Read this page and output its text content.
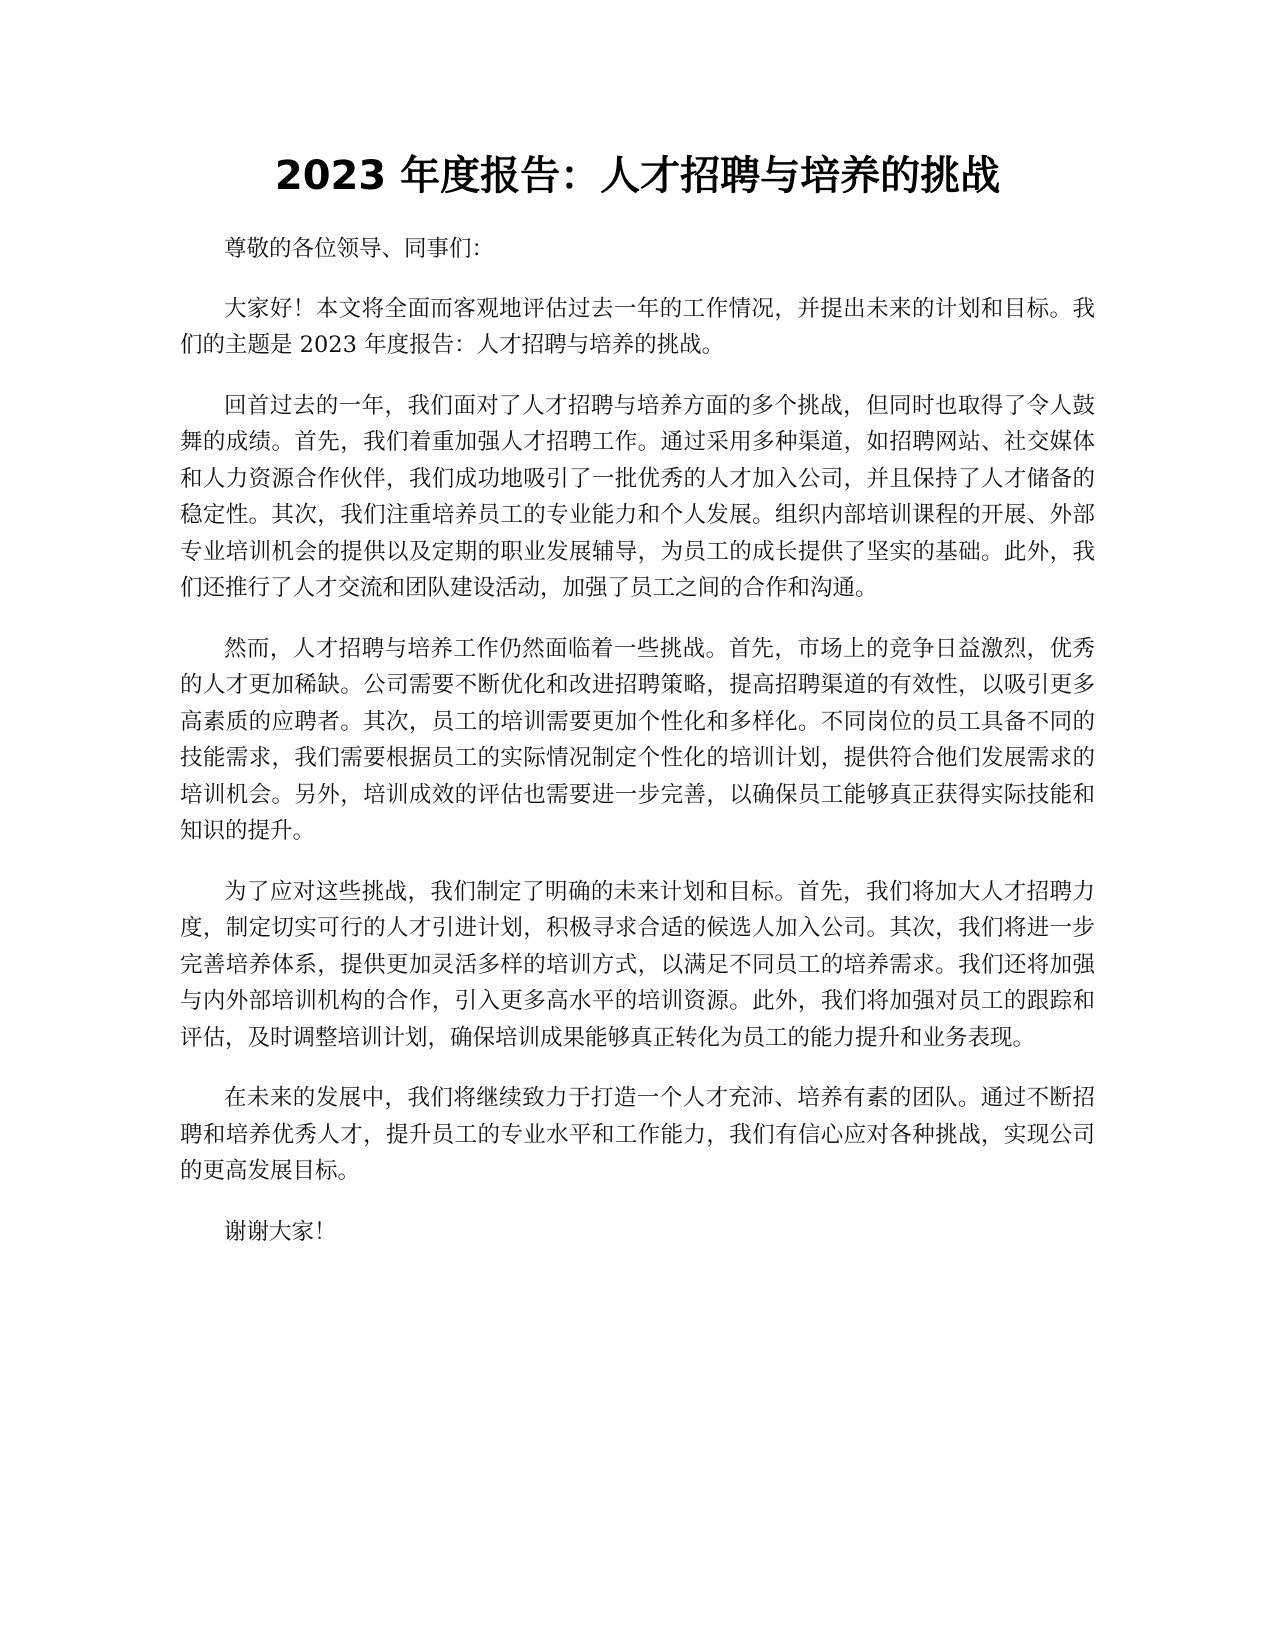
2023 年度报告：人才招聘与培养的挑战

尊敬的各位领导、同事们：

大家好！本文将全面而客观地评估过去一年的工作情况，并提出未来的计划和目标。我们的主题是 2023 年度报告：人才招聘与培养的挑战。

回首过去的一年，我们面对了人才招聘与培养方面的多个挑战，但同时也取得了令人鼓舞的成绩。首先，我们着重加强人才招聘工作。通过采用多种渠道，如招聘网站、社交媒体和人力资源合作伙伴，我们成功地吸引了一批优秀的人才加入公司，并且保持了人才储备的稳定性。其次，我们注重培养员工的专业能力和个人发展。组织内部培训课程的开展、外部专业培训机会的提供以及定期的职业发展辅导，为员工的成长提供了坚实的基础。此外，我们还推行了人才交流和团队建设活动，加强了员工之间的合作和沟通。

然而，人才招聘与培养工作仍然面临着一些挑战。首先，市场上的竞争日益激烈，优秀的人才更加稀缺。公司需要不断优化和改进招聘策略，提高招聘渠道的有效性，以吸引更多高素质的应聘者。其次，员工的培训需要更加个性化和多样化。不同岗位的员工具备不同的技能需求，我们需要根据员工的实际情况制定个性化的培训计划，提供符合他们发展需求的培训机会。另外，培训成效的评估也需要进一步完善，以确保员工能够真正获得实际技能和知识的提升。

为了应对这些挑战，我们制定了明确的未来计划和目标。首先，我们将加大人才招聘力度，制定切实可行的人才引进计划，积极寻求合适的候选人加入公司。其次，我们将进一步完善培养体系，提供更加灵活多样的培训方式，以满足不同员工的培养需求。我们还将加强与内外部培训机构的合作，引入更多高水平的培训资源。此外，我们将加强对员工的跟踪和评估，及时调整培训计划，确保培训成果能够真正转化为员工的能力提升和业务表现。

在未来的发展中，我们将继续致力于打造一个人才充沛、培养有素的团队。通过不断招聘和培养优秀人才，提升员工的专业水平和工作能力，我们有信心应对各种挑战，实现公司的更高发展目标。

谢谢大家！
